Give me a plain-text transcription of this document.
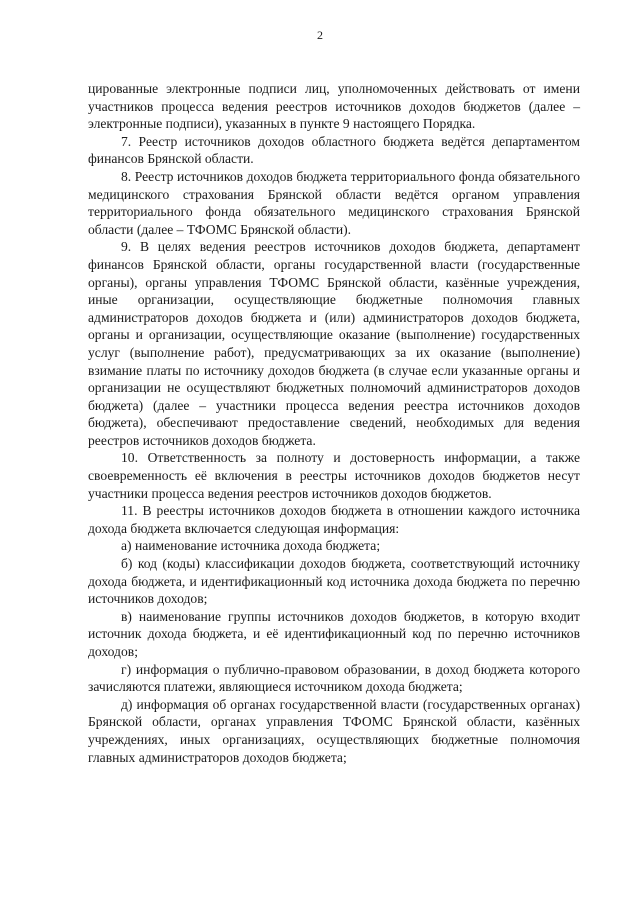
2

цированные электронные подписи лиц, уполномоченных действовать от имени участников процесса ведения реестров источников доходов бюджетов (далее – электронные подписи), указанных в пункте 9 настоящего Порядка.

7. Реестр источников доходов областного бюджета ведётся департаментом финансов Брянской области.

8. Реестр источников доходов бюджета территориального фонда обязательного медицинского страхования Брянской области ведётся органом управления территориального фонда обязательного медицинского страхования Брянской области (далее – ТФОМС Брянской области).

9. В целях ведения реестров источников доходов бюджета, департамент финансов Брянской области, органы государственной власти (государственные органы), органы управления ТФОМС Брянской области, казённые учреждения, иные организации, осуществляющие бюджетные полномочия главных администраторов доходов бюджета и (или) администраторов доходов бюджета, органы и организации, осуществляющие оказание (выполнение) государственных услуг (выполнение работ), предусматривающих за их оказание (выполнение) взимание платы по источнику доходов бюджета (в случае если указанные органы и организации не осуществляют бюджетных полномочий администраторов доходов бюджета) (далее – участники процесса ведения реестра источников доходов бюджета), обеспечивают предоставление сведений, необходимых для ведения реестров источников доходов бюджета.

10. Ответственность за полноту и достоверность информации, а также своевременность её включения в реестры источников доходов бюджетов несут участники процесса ведения реестров источников доходов бюджетов.

11. В реестры источников доходов бюджета в отношении каждого источника дохода бюджета включается следующая информация:

а) наименование источника дохода бюджета;

б) код (коды) классификации доходов бюджета, соответствующий источнику дохода бюджета, и идентификационный код источника дохода бюджета по перечню источников доходов;

в) наименование группы источников доходов бюджетов, в которую входит источник дохода бюджета, и её идентификационный код по перечню источников доходов;

г) информация о публично-правовом образовании, в доход бюджета которого зачисляются платежи, являющиеся источником дохода бюджета;

д) информация об органах государственной власти (государственных органах) Брянской области, органах управления ТФОМС Брянской области, казённых учреждениях, иных организациях, осуществляющих бюджетные полномочия главных администраторов доходов бюджета;
